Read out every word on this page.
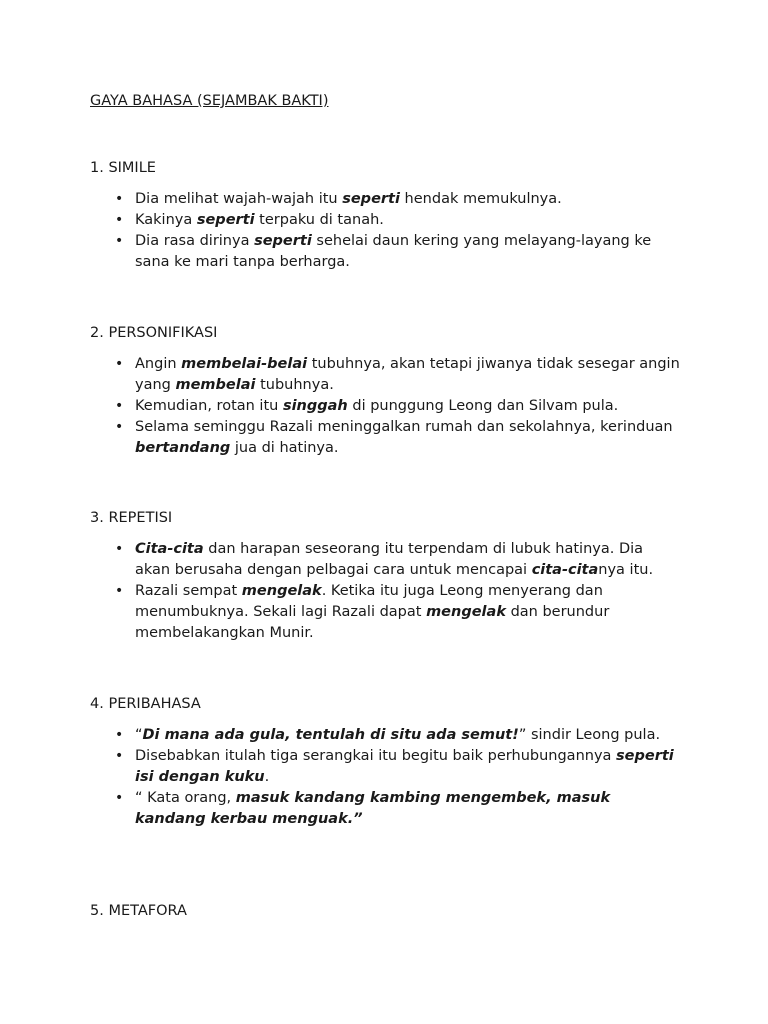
GAYA BAHASA (SEJAMBAK BAKTI)

1. SIMILE

• Dia melihat wajah-wajah itu seperti hendak memukulnya.
• Kakinya seperti terpaku di tanah.
• Dia rasa dirinya seperti sehelai daun kering yang melayang-layang ke sana ke mari tanpa berharga.

2. PERSONIFIKASI

• Angin membelai-belai tubuhnya, akan tetapi jiwanya tidak sesegar angin yang membelai tubuhnya.
• Kemudian, rotan itu singgah di punggung Leong dan Silvam pula.
• Selama seminggu Razali meninggalkan rumah dan sekolahnya, kerinduan bertandang jua di hatinya.

3. REPETISI

• Cita-cita dan harapan seseorang itu terpendam di lubuk hatinya. Dia akan berusaha dengan pelbagai cara untuk mencapai cita-citanya itu.
• Razali sempat mengelak. Ketika itu juga Leong menyerang dan menumbuknya. Sekali lagi Razali dapat mengelak dan berundur membelakangkan Munir.

4. PERIBAHASA

• “Di mana ada gula, tentulah di situ ada semut!” sindir Leong pula.
• Disebabkan itulah tiga serangkai itu begitu baik perhubungannya seperti isi dengan kuku.
• “ Kata orang, masuk kandang kambing mengembek, masuk kandang kerbau menguak.”

5. METAFORA
